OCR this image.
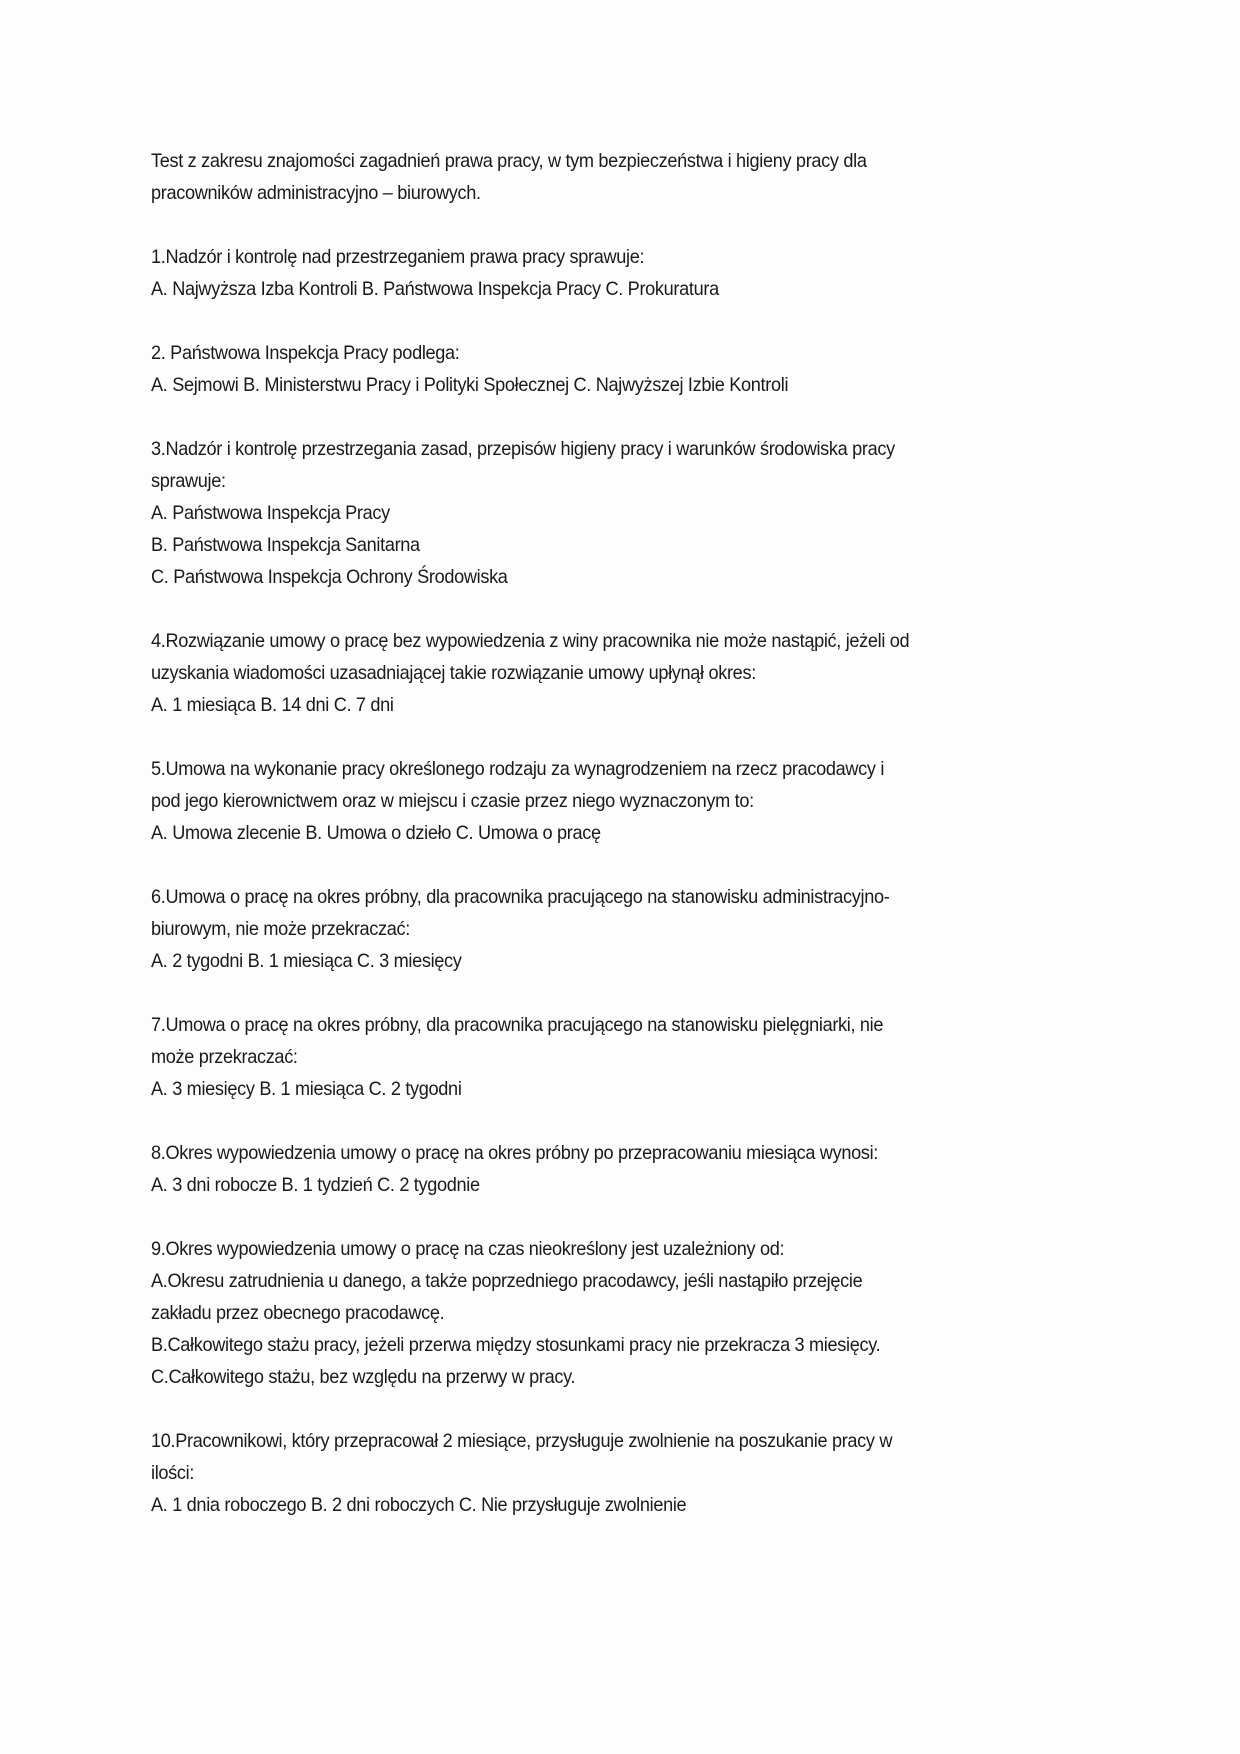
Test z zakresu znajomości zagadnień prawa pracy, w tym bezpieczeństwa i higieny pracy dla
pracowników administracyjno – biurowych.
1.Nadzór i kontrolę nad przestrzeganiem prawa pracy sprawuje:
A. Najwyższa Izba Kontroli B. Państwowa Inspekcja Pracy C. Prokuratura
2. Państwowa Inspekcja Pracy podlega:
A. Sejmowi B. Ministerstwu Pracy i Polityki Społecznej C. Najwyższej Izbie Kontroli
3.Nadzór i kontrolę przestrzegania zasad, przepisów higieny pracy i warunków środowiska pracy
sprawuje:
A. Państwowa Inspekcja Pracy
B. Państwowa Inspekcja Sanitarna
C. Państwowa Inspekcja Ochrony Środowiska
4.Rozwiązanie umowy o pracę bez wypowiedzenia z winy pracownika nie może nastąpić, jeżeli od
uzyskania wiadomości uzasadniającej takie rozwiązanie umowy upłynął okres:
A. 1 miesiąca B. 14 dni C. 7 dni
5.Umowa na wykonanie pracy określonego rodzaju za wynagrodzeniem na rzecz pracodawcy i
pod jego kierownictwem oraz w miejscu i czasie przez niego wyznaczonym to:
A. Umowa zlecenie B. Umowa o dzieło C. Umowa o pracę
6.Umowa o pracę na okres próbny, dla pracownika pracującego na stanowisku administracyjno-
biurowym, nie może przekraczać:
A. 2 tygodni B. 1 miesiąca C. 3 miesięcy
7.Umowa o pracę na okres próbny, dla pracownika pracującego na stanowisku pielęgniarki, nie
może przekraczać:
A. 3 miesięcy B. 1 miesiąca C. 2 tygodni
8.Okres wypowiedzenia umowy o pracę na okres próbny po przepracowaniu miesiąca wynosi:
A. 3 dni robocze B. 1 tydzień C. 2 tygodnie
9.Okres wypowiedzenia umowy o pracę na czas nieokreślony jest uzależniony od:
A.Okresu zatrudnienia u danego, a także poprzedniego pracodawcy, jeśli nastąpiło przejęcie
zakładu przez obecnego pracodawcę.
B.Całkowitego stażu pracy, jeżeli przerwa między stosunkami pracy nie przekracza 3 miesięcy.
C.Całkowitego stażu, bez względu na przerwy w pracy.
10.Pracownikowi, który przepracował 2 miesiące, przysługuje zwolnienie na poszukanie pracy w
ilości:
A. 1 dnia roboczego B. 2 dni roboczych C. Nie przysługuje zwolnienie
